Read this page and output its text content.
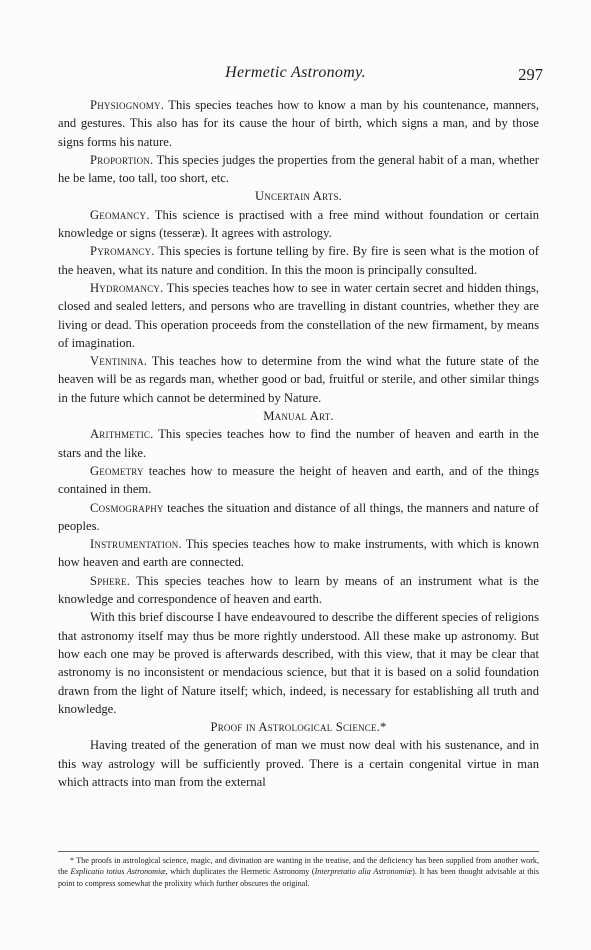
Hermetic Astronomy.	297

Physiognomy. This species teaches how to know a man by his countenance, manners, and gestures. This also has for its cause the hour of birth, which signs a man, and by those signs forms his nature.

Proportion. This species judges the properties from the general habit of a man, whether he be lame, too tall, too short, etc.

Uncertain Arts.

Geomancy. This science is practised with a free mind without foundation or certain knowledge or signs (tesseræ). It agrees with astrology.

Pyromancy. This species is fortune telling by fire. By fire is seen what is the motion of the heaven, what its nature and condition. In this the moon is principally consulted.

Hydromancy. This species teaches how to see in water certain secret and hidden things, closed and sealed letters, and persons who are travelling in distant countries, whether they are living or dead. This operation proceeds from the constellation of the new firmament, by means of imagination.

Ventinina. This teaches how to determine from the wind what the future state of the heaven will be as regards man, whether good or bad, fruitful or sterile, and other similar things in the future which cannot be determined by Nature.

Manual Art.

Arithmetic. This species teaches how to find the number of heaven and earth in the stars and the like.

Geometry teaches how to measure the height of heaven and earth, and of the things contained in them.

Cosmography teaches the situation and distance of all things, the manners and nature of peoples.

Instrumentation. This species teaches how to make instruments, with which is known how heaven and earth are connected.

Sphere. This species teaches how to learn by means of an instrument what is the knowledge and correspondence of heaven and earth.

With this brief discourse I have endeavoured to describe the different species of religions that astronomy itself may thus be more rightly understood. All these make up astronomy. But how each one may be proved is afterwards described, with this view, that it may be clear that astronomy is no inconsistent or mendacious science, but that it is based on a solid foundation drawn from the light of Nature itself; which, indeed, is necessary for establishing all truth and knowledge.

Proof in Astrological Science.*

Having treated of the generation of man we must now deal with his sustenance, and in this way astrology will be sufficiently proved. There is a certain congenital virtue in man which attracts into man from the external

* The proofs in astrological science, magic, and divination are wanting in the treatise, and the deficiency has been supplied from another work, the Explicatio totius Astronomiæ, which duplicates the Hermetic Astronomy (Interpretatio alia Astronomiæ). It has been thought advisable at this point to compress somewhat the prolixity which further obscures the original.
